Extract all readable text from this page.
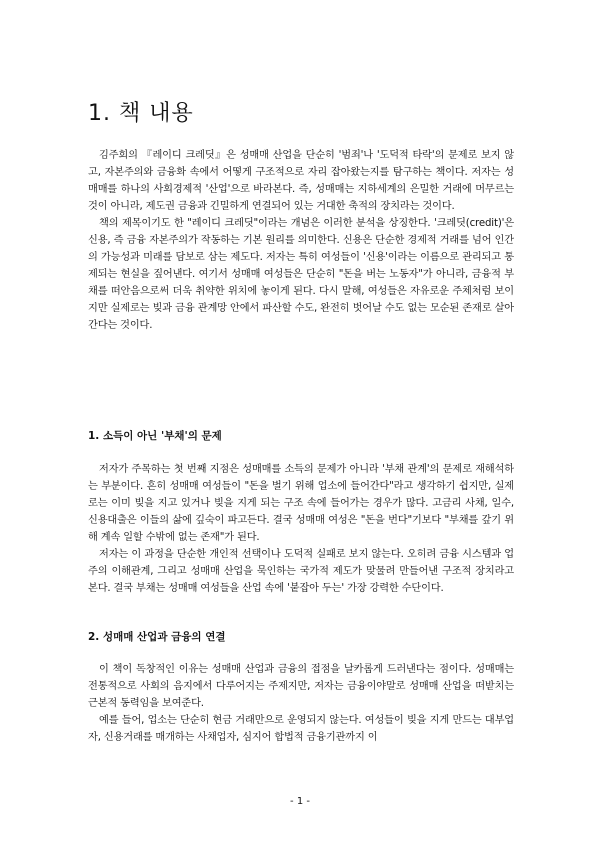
1. 책 내용

김주희의 『레이디 크레딧』은 성매매 산업을 단순히 '범죄'나 '도덕적 타락'의 문제로 보지 않고, 자본주의와 금융화 속에서 어떻게 구조적으로 자리 잡아왔는지를 탐구하는 책이다. 저자는 성매매를 하나의 사회경제적 '산업'으로 바라본다. 즉, 성매매는 지하세계의 은밀한 거래에 머무르는 것이 아니라, 제도권 금융과 긴밀하게 연결되어 있는 거대한 축적의 장치라는 것이다.

책의 제목이기도 한 "레이디 크레딧"이라는 개념은 이러한 분석을 상징한다. '크레딧(credit)'은 신용, 즉 금융 자본주의가 작동하는 기본 원리를 의미한다. 신용은 단순한 경제적 거래를 넘어 인간의 가능성과 미래를 담보로 삼는 제도다. 저자는 특히 여성들이 '신용'이라는 이름으로 관리되고 통제되는 현실을 짚어낸다. 여기서 성매매 여성들은 단순히 "돈을 버는 노동자"가 아니라, 금융적 부채를 떠안음으로써 더욱 취약한 위치에 놓이게 된다. 다시 말해, 여성들은 자유로운 주체처럼 보이지만 실제로는 빚과 금융 관계망 안에서 파산할 수도, 완전히 벗어날 수도 없는 모순된 존재로 살아간다는 것이다.

1. 소득이 아닌 '부채'의 문제

저자가 주목하는 첫 번째 지점은 성매매를 소득의 문제가 아니라 '부채 관계'의 문제로 재해석하는 부분이다. 흔히 성매매 여성들이 "돈을 벌기 위해 업소에 들어간다"라고 생각하기 쉽지만, 실제로는 이미 빚을 지고 있거나 빚을 지게 되는 구조 속에 들어가는 경우가 많다. 고금리 사채, 일수, 신용대출은 이들의 삶에 깊숙이 파고든다. 결국 성매매 여성은 "돈을 번다"기보다 "부채를 갚기 위해 계속 일할 수밖에 없는 존재"가 된다.

저자는 이 과정을 단순한 개인적 선택이나 도덕적 실패로 보지 않는다. 오히려 금융 시스템과 업주의 이해관계, 그리고 성매매 산업을 묵인하는 국가적 제도가 맞물려 만들어낸 구조적 장치라고 본다. 결국 부채는 성매매 여성들을 산업 속에 '붙잡아 두는' 가장 강력한 수단이다.

2. 성매매 산업과 금융의 연결

이 책이 독창적인 이유는 성매매 산업과 금융의 접점을 날카롭게 드러낸다는 점이다. 성매매는 전통적으로 사회의 음지에서 다루어지는 주제지만, 저자는 금융이야말로 성매매 산업을 떠받치는 근본적 동력임을 보여준다.

예를 들어, 업소는 단순히 현금 거래만으로 운영되지 않는다. 여성들이 빚을 지게 만드는 대부업자, 신용거래를 매개하는 사채업자, 심지어 합법적 금융기관까지 이

- 1 -
